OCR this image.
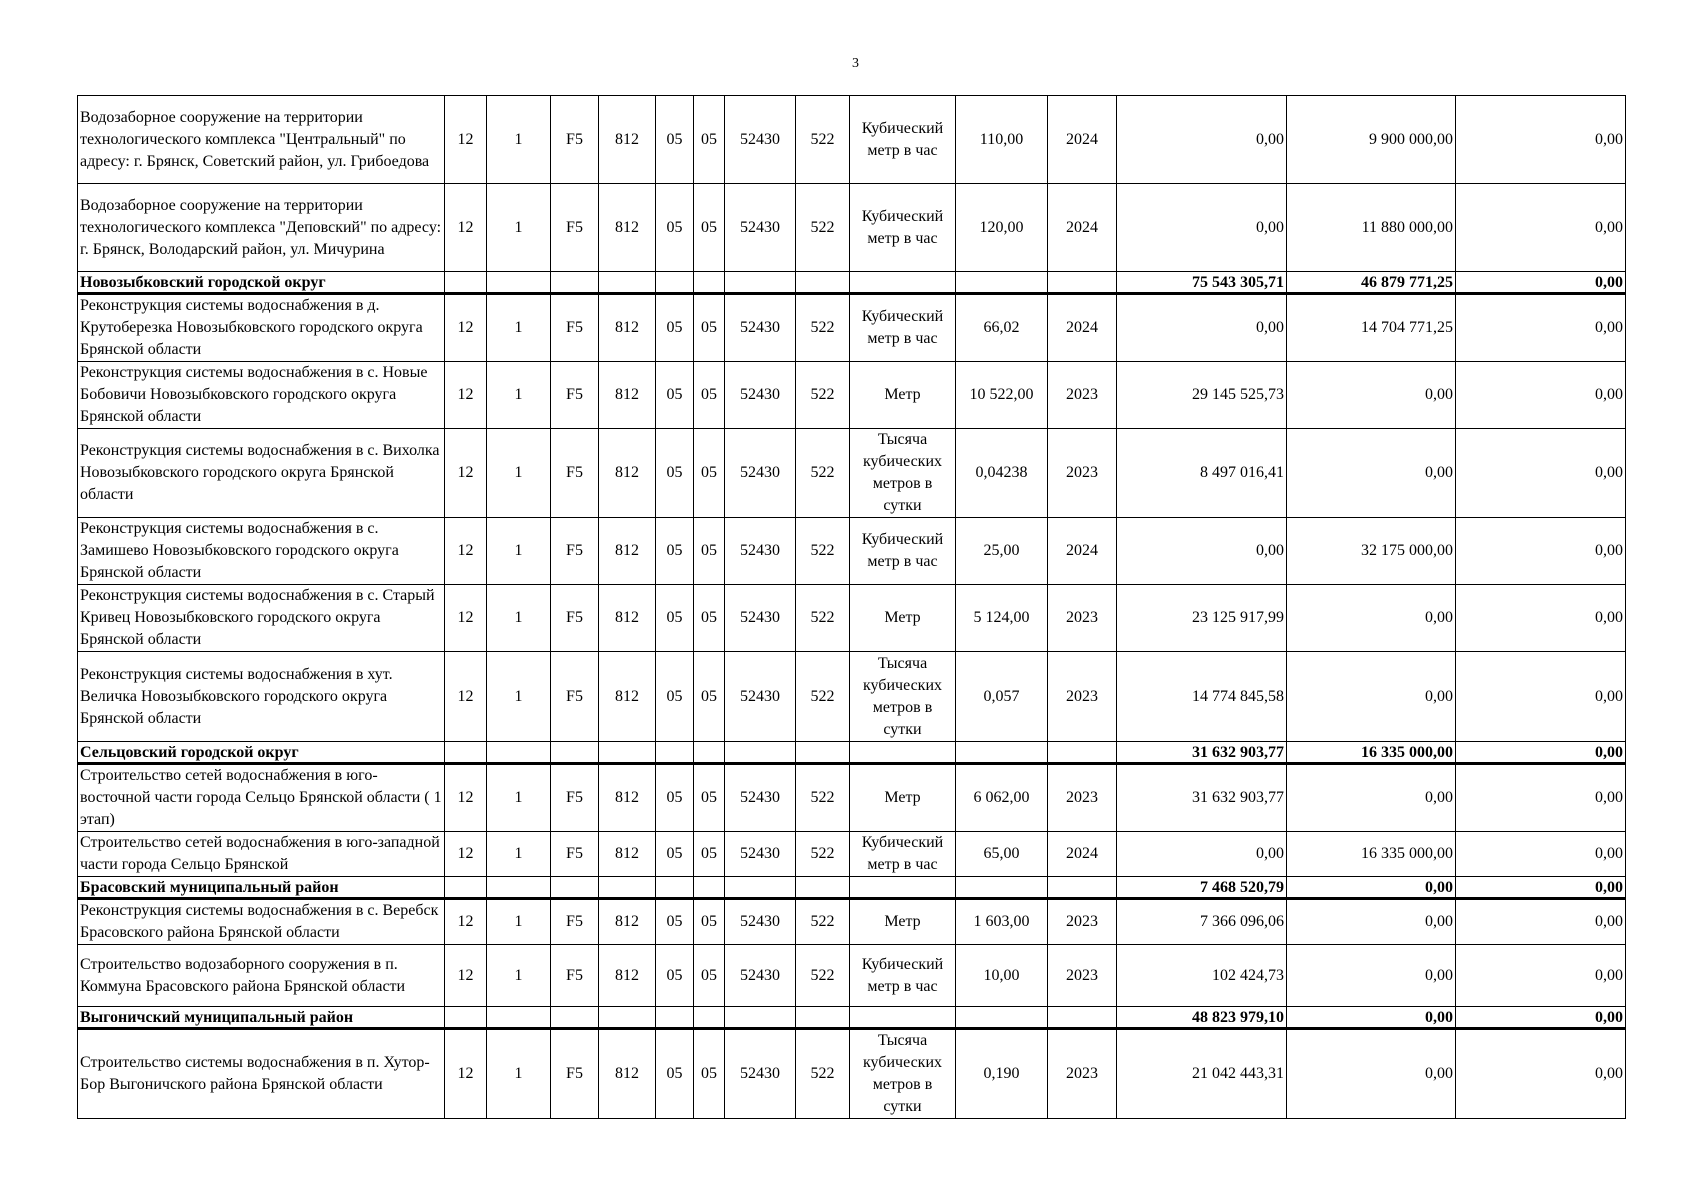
3
Водозаборное сооружение на территории технологического комплекса "Центральный" по адресу: г. Брянск, Советский район, ул. Грибоедова	12	1	F5	812	05	05	52430	522	Кубический метр в час	110,00	2024	0,00	9 900 000,00	0,00
Водозаборное сооружение на территории технологического комплекса "Деповский" по адресу: г. Брянск, Володарский район, ул. Мичурина	12	1	F5	812	05	05	52430	522	Кубический метр в час	120,00	2024	0,00	11 880 000,00	0,00
Новозыбковский городской округ												75 543 305,71	46 879 771,25	0,00
Реконструкция системы водоснабжения в д. Крутоберезка Новозыбковского городского округа Брянской области	12	1	F5	812	05	05	52430	522	Кубический метр в час	66,02	2024	0,00	14 704 771,25	0,00
Реконструкция системы водоснабжения в с. Новые Бобовичи Новозыбковского городского округа Брянской области	12	1	F5	812	05	05	52430	522	Метр	10 522,00	2023	29 145 525,73	0,00	0,00
Реконструкция системы водоснабжения в с. Вихолка Новозыбковского городского округа Брянской области	12	1	F5	812	05	05	52430	522	Тысяча кубических метров в сутки	0,04238	2023	8 497 016,41	0,00	0,00
Реконструкция системы водоснабжения в с. Замишево Новозыбковского городского округа Брянской области	12	1	F5	812	05	05	52430	522	Кубический метр в час	25,00	2024	0,00	32 175 000,00	0,00
Реконструкция системы водоснабжения в с. Старый Кривец Новозыбковского городского округа Брянской области	12	1	F5	812	05	05	52430	522	Метр	5 124,00	2023	23 125 917,99	0,00	0,00
Реконструкция системы водоснабжения в хут. Величка Новозыбковского городского округа Брянской области	12	1	F5	812	05	05	52430	522	Тысяча кубических метров в сутки	0,057	2023	14 774 845,58	0,00	0,00
Сельцовский городской округ												31 632 903,77	16 335 000,00	0,00
Строительство сетей водоснабжения в юго-восточной части города Сельцо Брянской области ( 1 этап)	12	1	F5	812	05	05	52430	522	Метр	6 062,00	2023	31 632 903,77	0,00	0,00
Строительство сетей водоснабжения в юго-западной части города Сельцо Брянской	12	1	F5	812	05	05	52430	522	Кубический метр в час	65,00	2024	0,00	16 335 000,00	0,00
Брасовский муниципальный район												7 468 520,79	0,00	0,00
Реконструкция системы водоснабжения в с. Веребск Брасовского района Брянской области	12	1	F5	812	05	05	52430	522	Метр	1 603,00	2023	7 366 096,06	0,00	0,00
Строительство водозаборного сооружения в п. Коммуна Брасовского района Брянской области	12	1	F5	812	05	05	52430	522	Кубический метр в час	10,00	2023	102 424,73	0,00	0,00
Выгоничский муниципальный район												48 823 979,10	0,00	0,00
Строительство системы водоснабжения в п. Хутор-Бор Выгоничского района Брянской области	12	1	F5	812	05	05	52430	522	Тысяча кубических метров в сутки	0,190	2023	21 042 443,31	0,00	0,00
